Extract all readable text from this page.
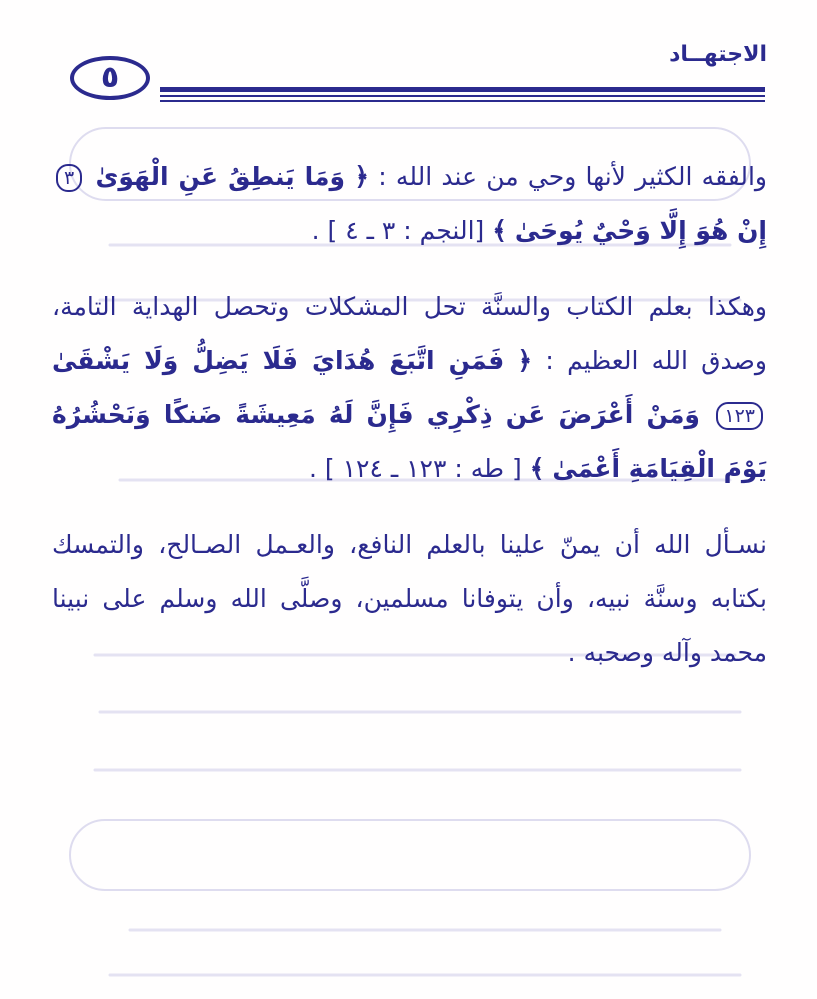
الاجتهــاد
٥

والفقه الكثير لأنها وحي من عند الله : ﴿ وَمَا يَنطِقُ عَنِ الْهَوَىٰ ٣ إِنْ هُوَ إِلَّا وَحْيٌ يُوحَىٰ ﴾ [النجم : ٣ ـ ٤ ] .

وهكذا بعلم الكتاب والسنَّة تحل المشكلات وتحصل الهداية التامة، وصدق الله العظيم : ﴿ فَمَنِ اتَّبَعَ هُدَايَ فَلَا يَضِلُّ وَلَا يَشْقَىٰ ١٢٣ وَمَنْ أَعْرَضَ عَن ذِكْرِي فَإِنَّ لَهُ مَعِيشَةً ضَنكًا وَنَحْشُرُهُ يَوْمَ الْقِيَامَةِ أَعْمَىٰ ﴾ [ طه : ١٢٣ ـ ١٢٤ ] .

نسـأل الله أن يمنّ علينا بالعلم النافع، والعـمل الصـالح، والتمسك بكتابه وسنَّة نبيه، وأن يتوفانا مسلمين، وصلَّى الله وسلم على نبينا محمد وآله وصحبه .
